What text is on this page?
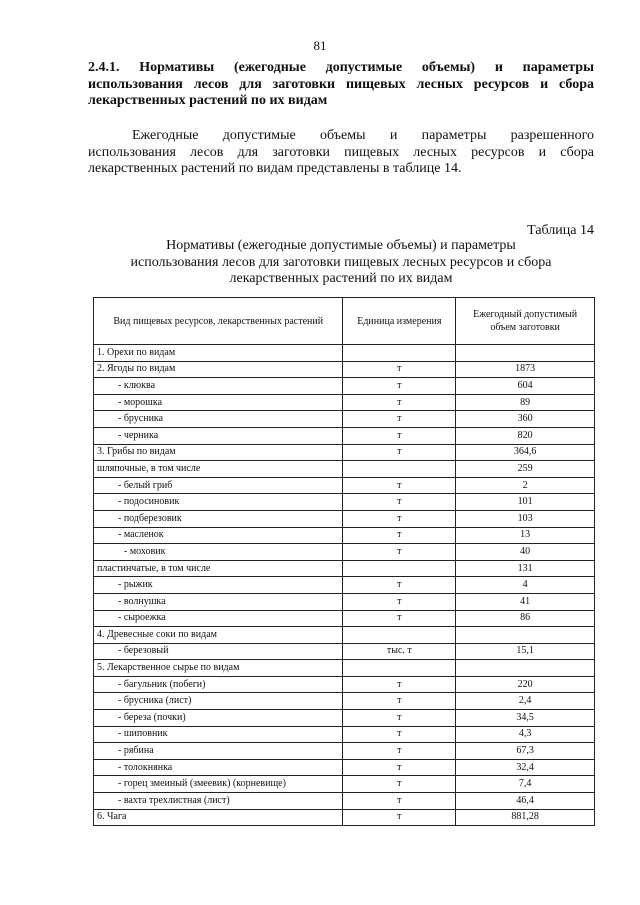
81
2.4.1. Нормативы (ежегодные допустимые объемы) и параметры
использования лесов для заготовки пищевых лесных ресурсов и сбора
лекарственных растений по их видам
Ежегодные допустимые объемы и параметры разрешенного
использования лесов для заготовки пищевых лесных ресурсов и сбора
лекарственных растений по видам представлены в таблице 14.
Таблица 14
Нормативы (ежегодные допустимые объемы) и параметры
использования лесов для заготовки пищевых лесных ресурсов и сбора
лекарственных растений по их видам
Вид пищевых ресурсов, лекарственных растений	Единица измерения	Ежегодный допустимый объем заготовки
1. Орехи по видам		
2. Ягоды по видам	т	1873
- клюква	т	604
- морошка	т	89
- брусника	т	360
- черника	т	820
3. Грибы по видам	т	364,6
шляпочные, в том числе		259
- белый гриб	т	2
- подосиновик	т	101
- подберезовик	т	103
- масленок	т	13
- моховик	т	40
пластинчатые, в том числе		131
- рыжик	т	4
- волнушка	т	41
- сыроежка	т	86
4. Древесные соки по видам		
- березовый	тыс. т	15,1
5. Лекарственное сырье по видам		
- багульник (побеги)	т	220
- брусника (лист)	т	2,4
- береза (почки)	т	34,5
- шиповник	т	4,3
- рябина	т	67,3
- толокнянка	т	32,4
- горец змеиный (змеевик) (корневище)	т	7,4
- вахта трехлистная (лист)	т	46,4
6. Чага	т	881,28
